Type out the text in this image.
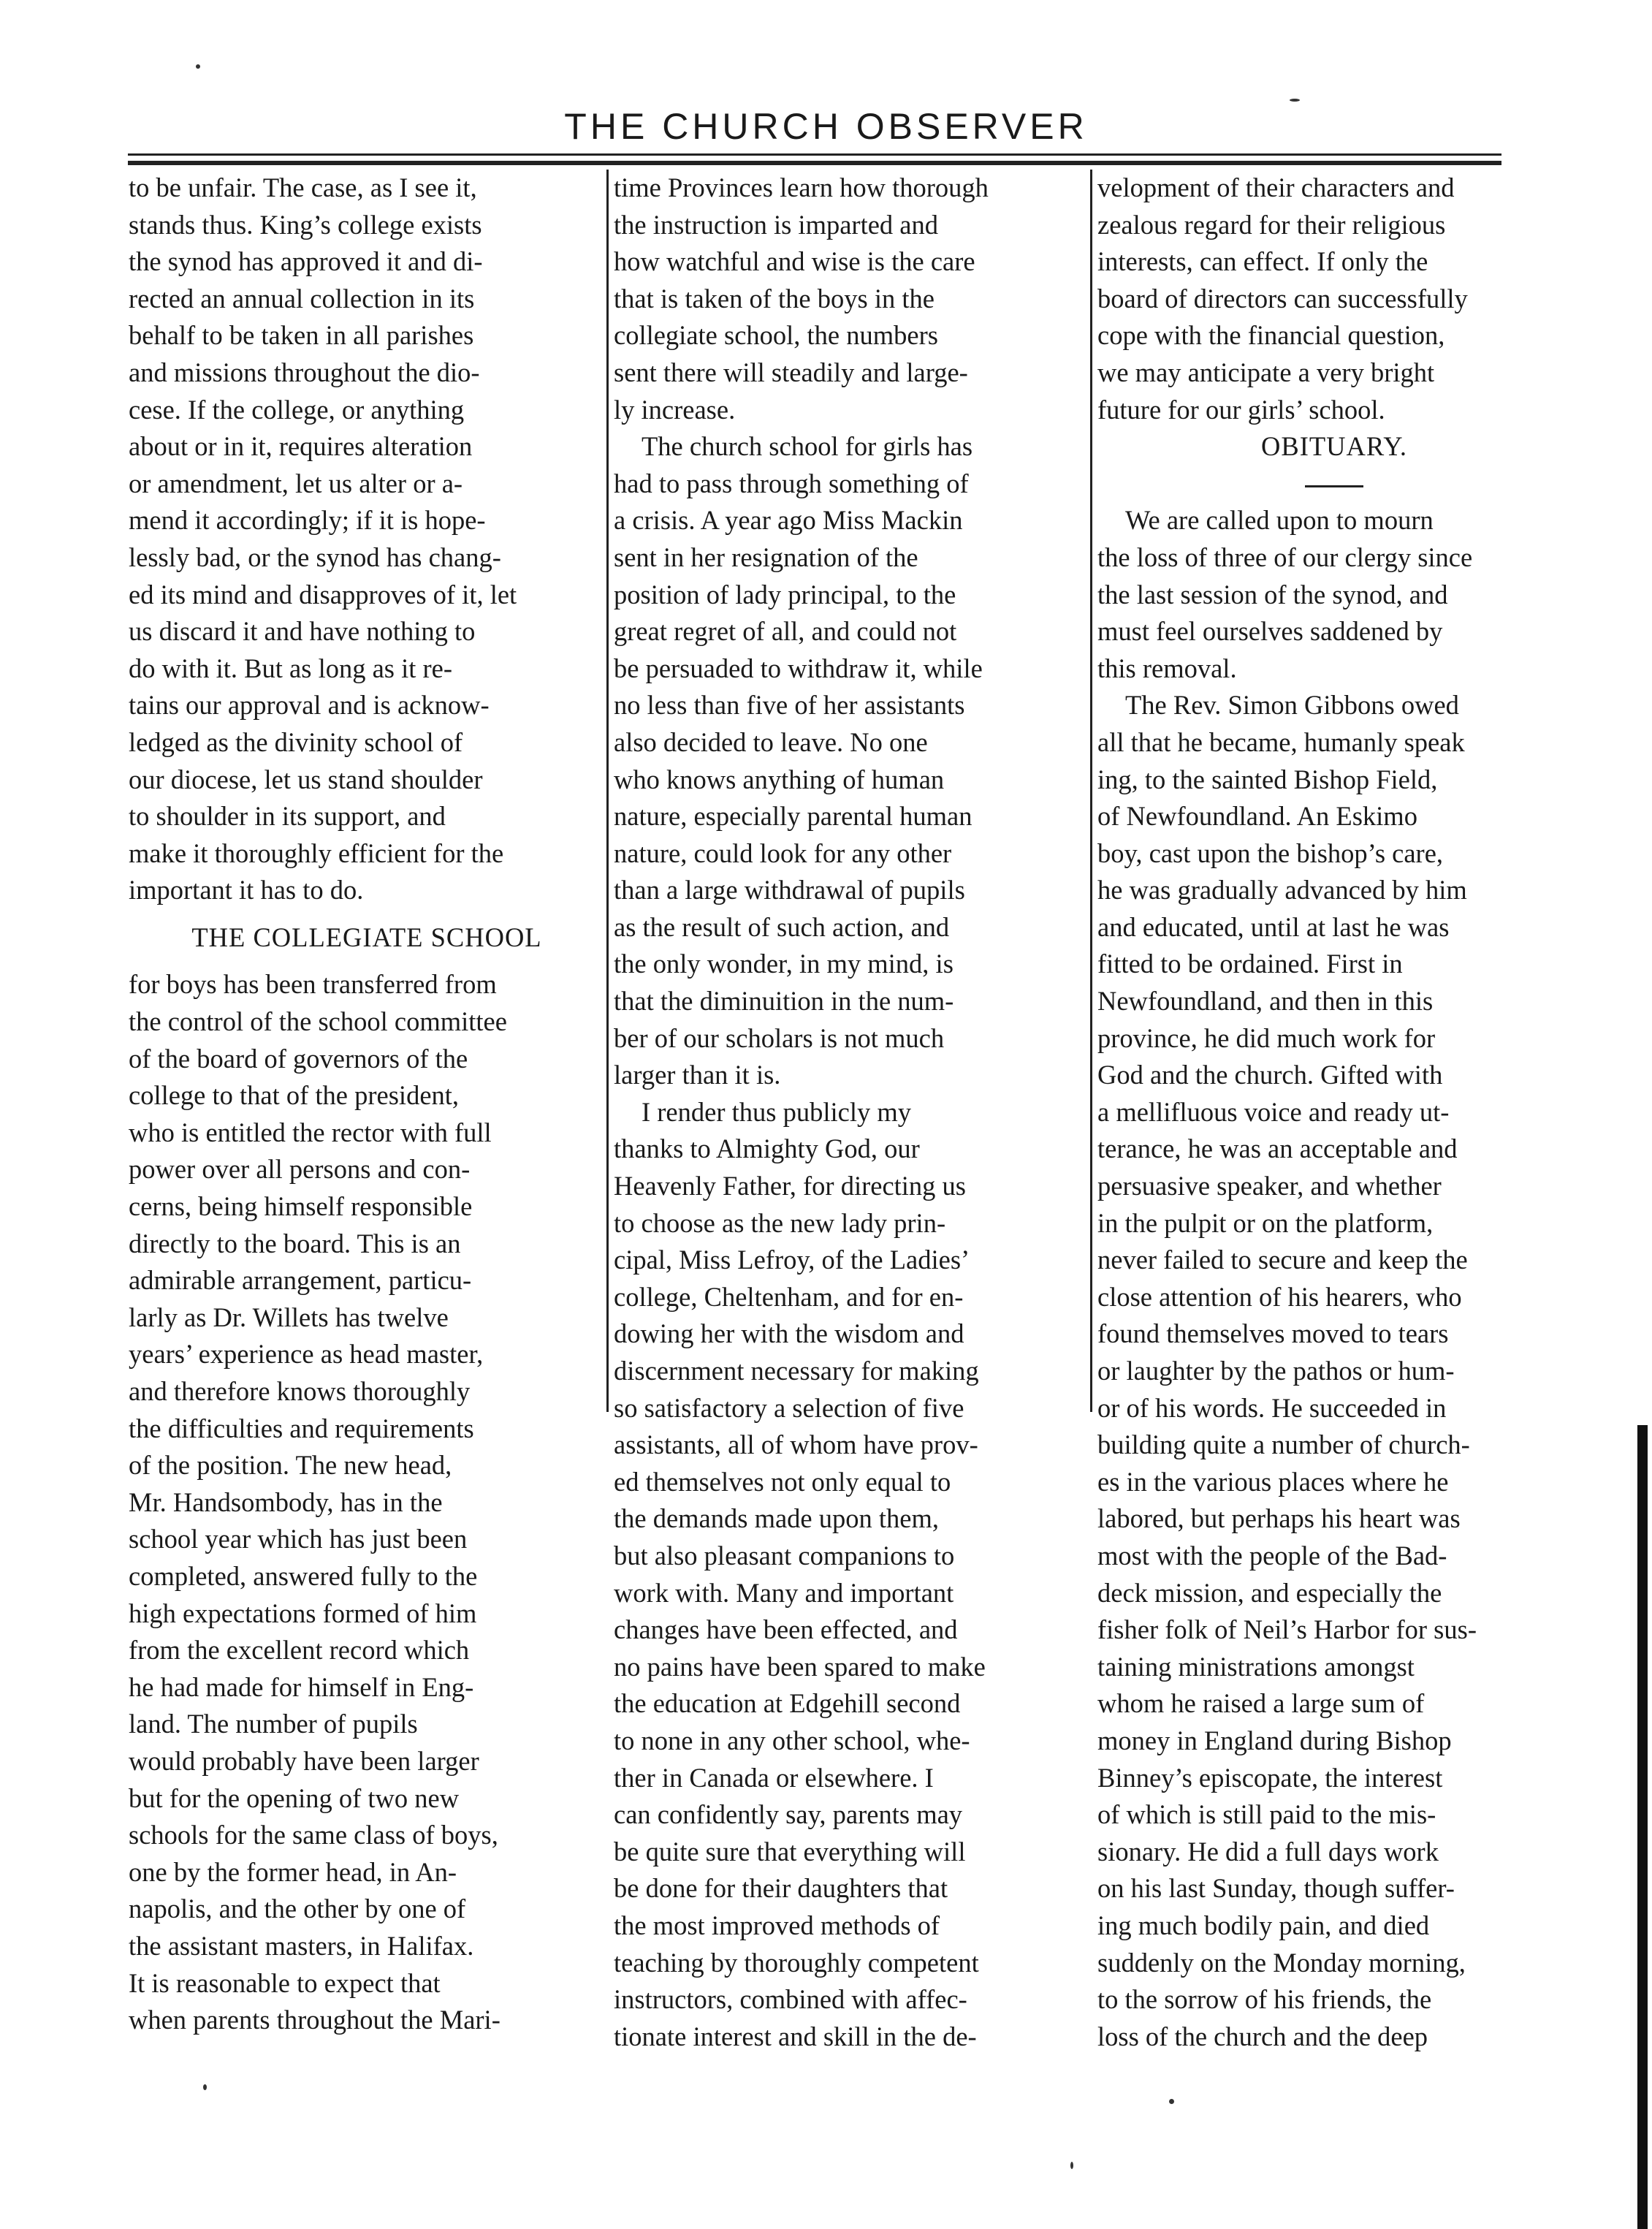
THE CHURCH OBSERVER
to be unfair. The case, as I see it,
stands thus. King’s college exists
the synod has approved it and di-
rected an annual collection in its
behalf to be taken in all parishes
and missions throughout the dio-
cese. If the college, or anything
about or in it, requires alteration
or amendment, let us alter or a-
mend it accordingly; if it is hope-
lessly bad, or the synod has chang-
ed its mind and disapproves of it, let
us discard it and have nothing to
do with it. But as long as it re-
tains our approval and is acknow-
ledged as the divinity school of
our diocese, let us stand shoulder
to shoulder in its support, and
make it thoroughly efficient for the
important it has to do.
THE COLLEGIATE SCHOOL
for boys has been transferred from
the control of the school committee
of the board of governors of the
college to that of the president,
who is entitled the rector with full
power over all persons and con-
cerns, being himself responsible
directly to the board. This is an
admirable arrangement, particu-
larly as Dr. Willets has twelve
years’ experience as head master,
and therefore knows thoroughly
the difficulties and requirements
of the position. The new head,
Mr. Handsombody, has in the
school year which has just been
completed, answered fully to the
high expectations formed of him
from the excellent record which
he had made for himself in Eng-
land. The number of pupils
would probably have been larger
but for the opening of two new
schools for the same class of boys,
one by the former head, in An-
napolis, and the other by one of
the assistant masters, in Halifax.
It is reasonable to expect that
when parents throughout the Mari-
time Provinces learn how thorough
the instruction is imparted and
how watchful and wise is the care
that is taken of the boys in the
collegiate school, the numbers
sent there will steadily and large-
ly increase.
The church school for girls has
had to pass through something of
a crisis. A year ago Miss Mackin
sent in her resignation of the
position of lady principal, to the
great regret of all, and could not
be persuaded to withdraw it, while
no less than five of her assistants
also decided to leave. No one
who knows anything of human
nature, especially parental human
nature, could look for any other
than a large withdrawal of pupils
as the result of such action, and
the only wonder, in my mind, is
that the diminuition in the num-
ber of our scholars is not much
larger than it is.
I render thus publicly my
thanks to Almighty God, our
Heavenly Father, for directing us
to choose as the new lady prin-
cipal, Miss Lefroy, of the Ladies’
college, Cheltenham, and for en-
dowing her with the wisdom and
discernment necessary for making
so satisfactory a selection of five
assistants, all of whom have prov-
ed themselves not only equal to
the demands made upon them,
but also pleasant companions to
work with. Many and important
changes have been effected, and
no pains have been spared to make
the education at Edgehill second
to none in any other school, whe-
ther in Canada or elsewhere. I
can confidently say, parents may
be quite sure that everything will
be done for their daughters that
the most improved methods of
teaching by thoroughly competent
instructors, combined with affec-
tionate interest and skill in the de-
velopment of their characters and
zealous regard for their religious
interests, can effect. If only the
board of directors can successfully
cope with the financial question,
we may anticipate a very bright
future for our girls’ school.
OBITUARY.
We are called upon to mourn
the loss of three of our clergy since
the last session of the synod, and
must feel ourselves saddened by
this removal.
The Rev. Simon Gibbons owed
all that he became, humanly speak
ing, to the sainted Bishop Field,
of Newfoundland. An Eskimo
boy, cast upon the bishop’s care,
he was gradually advanced by him
and educated, until at last he was
fitted to be ordained. First in
Newfoundland, and then in this
province, he did much work for
God and the church. Gifted with
a mellifluous voice and ready ut-
terance, he was an acceptable and
persuasive speaker, and whether
in the pulpit or on the platform,
never failed to secure and keep the
close attention of his hearers, who
found themselves moved to tears
or laughter by the pathos or hum-
or of his words. He succeeded in
building quite a number of church-
es in the various places where he
labored, but perhaps his heart was
most with the people of the Bad-
deck mission, and especially the
fisher folk of Neil’s Harbor for sus-
taining ministrations amongst
whom he raised a large sum of
money in England during Bishop
Binney’s episcopate, the interest
of which is still paid to the mis-
sionary. He did a full days work
on his last Sunday, though suffer-
ing much bodily pain, and died
suddenly on the Monday morning,
to the sorrow of his friends, the
loss of the church and the deep
